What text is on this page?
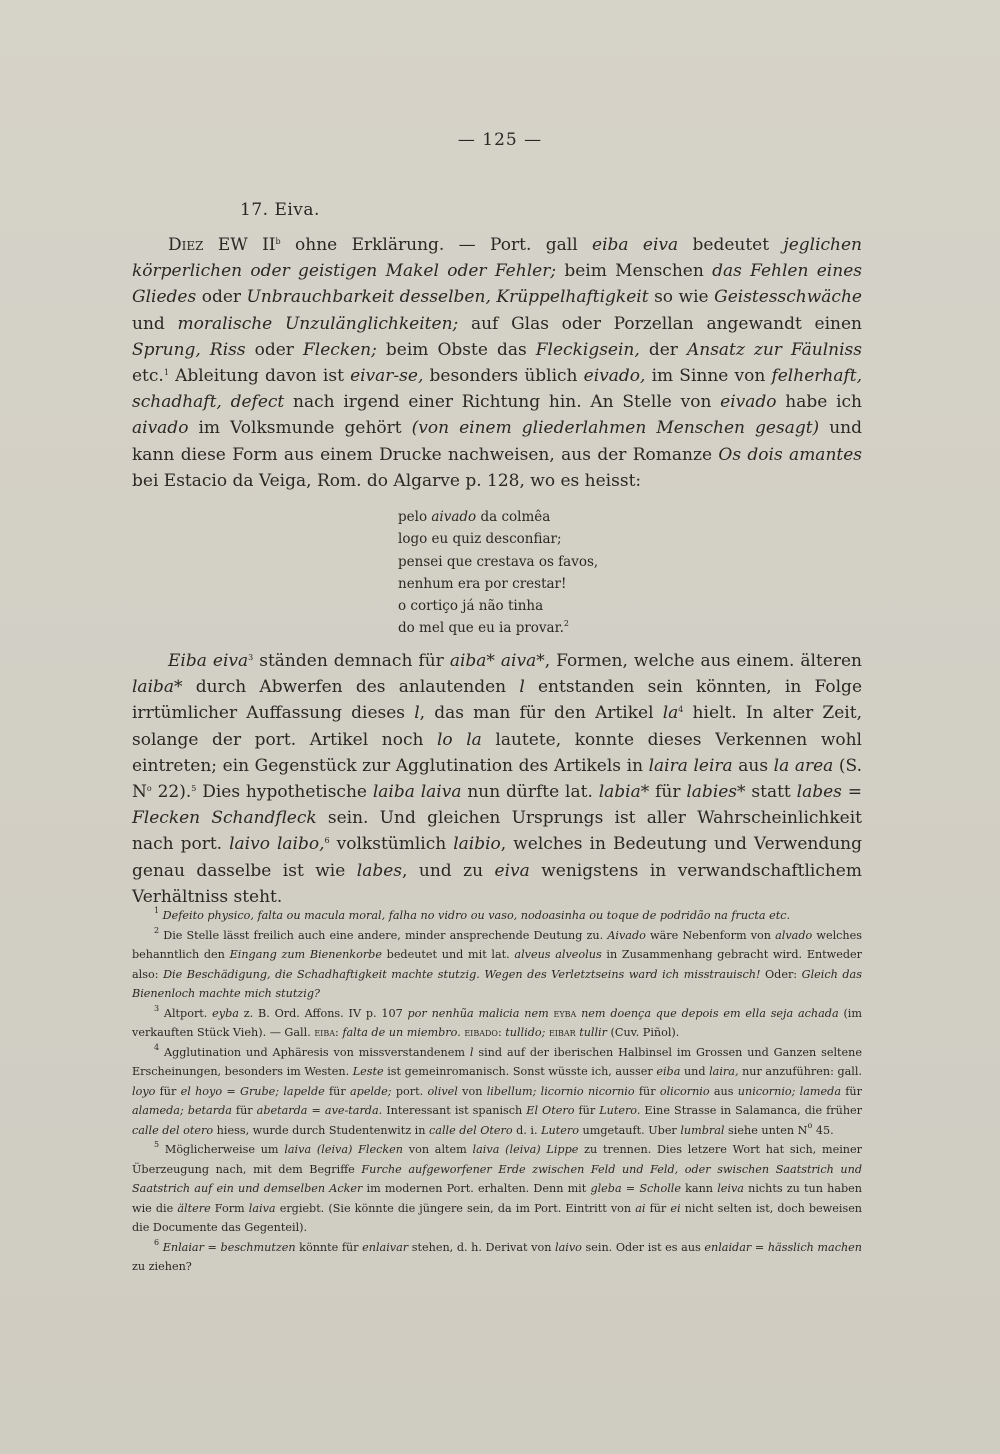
— 125 —
17. Eiva.

Diez EW $II^b$ ohne Erklärung. — Port. gall eiba eiva bedeutet jeglichen körperlichen oder geistigen Makel oder Fehler; beim Menschen das Fehlen eines Gliedes oder Unbrauchbarkeit desselben, Krüppelhaftigkeit so wie Geistesschwäche und moralische Unzulänglichkeiten; auf Glas oder Porzellan angewandt einen Sprung, Riss oder Flecken; beim Obste das Fleckigsein, der Ansatz zur Fäulniss etc.$^1$ Ableitung davon ist eivar-se, besonders üblich eivado, im Sinne von felherhaft, schadhaft, defect nach irgend einer Richtung hin. An Stelle von eivado habe ich aivado im Volksmunde gehört (von einem gliederlahmen Menschen gesagt) und kann diese Form aus einem Drucke nachweisen, aus der Romanze Os dois amantes bei Estacio da Veiga, Rom. do Algarve p. 128, wo es heisst:

pelo aivado da colmêa
logo eu quiz desconfiar;
pensei que crestava os favos,
nenhum era por crestar!
o cortiço já não tinha
do mel que eu ia provar.$^2$

Eiba eiva$^3$ ständen demnach für aiba* aiva*, Formen, welche aus einem. älteren laiba* durch Abwerfen des anlautenden l entstanden sein könnten, in Folge irrtümlicher Auffassung dieses l, das man für den Artikel $la^4$ hielt. In alter Zeit, solange der port. Artikel noch lo la lautete, konnte dieses Verkennen wohl eintreten; ein Gegenstück zur Agglutination des Artikels in laira leira aus la area (S. $N^o$ 22).$^5$ Dies hypothetische laiba laiva nun dürfte lat. labia* für labies* statt labes = Flecken Schandfleck sein. Und gleichen Ursprungs ist aller Wahrscheinlichkeit nach port. laivo laibo,$^6$ volkstümlich laibio, welches in Bedeutung und Verwendung genau dasselbe ist wie labes, und zu eiva wenigstens in verwandschaftlichem Verhältniss steht.

$^1$ Defeito physico, falta ou macula moral, falha no vidro ou vaso, nodoasinha ou toque de podridão na fructa etc.

$^2$ Die Stelle lässt freilich auch eine andere, minder ansprechende Deutung zu. Aivado wäre Nebenform von alvado welches behanntlich den Eingang zum Bienenkorbe bedeutet und mit lat. alveus alveolus in Zusammenhang gebracht wird. Entweder also: Die Beschädigung, die Schadhaftigkeit machte stutzig. Wegen des Verletztseins ward ich misstrauisch! Oder: Gleich das Bienenloch machte mich stutzig?

$^3$ Altport. eyba z. B. Ord. Affons. IV p. 107 por nenhũa malicia nem eyba nem doença que depois em ella seja achada (im verkauften Stück Vieh). — Gall. eiba: falta de un miembro. eibado: tullido; eibar tullir (Cuv. Piñol).

$^4$ Agglutination und Aphäresis von missverstandenem l sind auf der iberischen Halbinsel im Grossen und Ganzen seltene Erscheinungen, besonders im Westen. Leste ist gemeinromanisch. Sonst wüsste ich, ausser eiba und laira, nur anzuführen: gall. loyo für el hoyo = Grube; lapelde für apelde; port. olivel von libellum; licornio nicornio für olicornio aus unicornio; lameda für alameda; betarda für abetarda = ave-tarda. Interessant ist spanisch El Otero für Lutero. Eine Strasse in Salamanca, die früher calle del otero hiess, wurde durch Studentenwitz in calle del Otero d. i. Lutero umgetauft. Uber lumbral siehe unten $N^o$ 45.

$^5$ Möglicherweise um laiva (leiva) Flecken von altem laiva (leiva) Lippe zu trennen. Dies letzere Wort hat sich, meiner Überzeugung nach, mit dem Begriffe Furche aufgeworfener Erde zwischen Feld und Feld, oder swischen Saatstrich und Saatstrich auf ein und demselben Acker im modernen Port. erhalten. Denn mit gleba = Scholle kann leiva nichts zu tun haben wie die ältere Form laiva ergiebt. (Sie könnte die jüngere sein, da im Port. Eintritt von ai für ei nicht selten ist, doch beweisen die Documente das Gegenteil).

$^6$ Enlaiar = beschmutzen könnte für enlaivar stehen, d. h. Derivat von laivo sein. Oder ist es aus enlaidar = hässlich machen zu ziehen?
